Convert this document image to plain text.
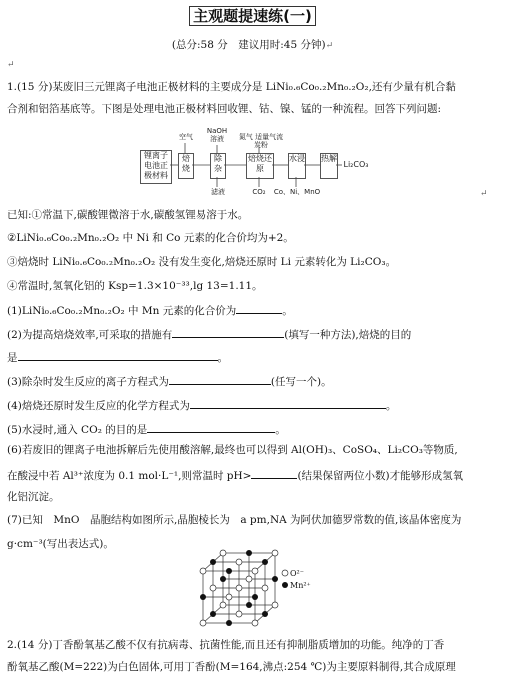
主观题提速练(一)
(总分:58 分　建议用时:45 分钟)↵
↵
1.(15 分)某废旧三元锂离子电池正极材料的主要成分是 LiNi₀.₆Co₀.₂Mn₀.₂O₂,还有少量有机合黏
合剂和铝箔基底等。下图是处理电池正极材料回收锂、钴、镍、锰的一种流程。回答下列问题:
锂离子电池正极材料
空气
焙烧
NaOH溶液
除杂
滤液
氮气 适量气流 炭粉
焙烧还原
CO₂
水浸
Co、Ni、MnO
热解
Li₂CO₃
↵
已知:①常温下,碳酸锂微溶于水,碳酸氢锂易溶于水。
②LiNi₀.₆Co₀.₂Mn₀.₂O₂ 中 Ni 和 Co 元素的化合价均为+2。
③焙烧时 LiNi₀.₆Co₀.₂Mn₀.₂O₂ 没有发生变化,焙烧还原时 Li 元素转化为 Li₂CO₃。
④常温时,氢氧化铝的 Ksp=1.3×10⁻³³,lg 13=1.11。
(1)LiNi₀.₆Co₀.₂Mn₀.₂O₂ 中 Mn 元素的化合价为	。
(2)为提高焙烧效率,可采取的措施有	(填写一种方法),焙烧的目的
是	。
(3)除杂时发生反应的离子方程式为	(任写一个)。
(4)焙烧还原时发生反应的化学方程式为	。
(5)水浸时,通入 CO₂ 的目的是	。
(6)若废旧的锂离子电池拆解后先使用酸溶解,最终也可以得到 Al(OH)₃、CoSO₄、Li₂CO₃等物质,
在酸浸中若 Al³⁺浓度为 0.1 mol·L⁻¹,则常温时 pH>	(结果保留两位小数)才能够形成氢氧
化铝沉淀。
(7)已知　MnO　晶胞结构如图所示,晶胞棱长为　a pm,NA 为阿伏加德罗常数的值,该晶体密度为
g·cm⁻³(写出表达式)。
O²⁻
Mn²⁺
2.(14 分)丁香酚氧基乙酸不仅有抗病毒、抗菌性能,而且还有抑制脂质增加的功能。纯净的丁香
酚氧基乙酸(M=222)为白色固体,可用丁香酚(M=164,沸点:254 ℃)为主要原料制得,其合成原理
